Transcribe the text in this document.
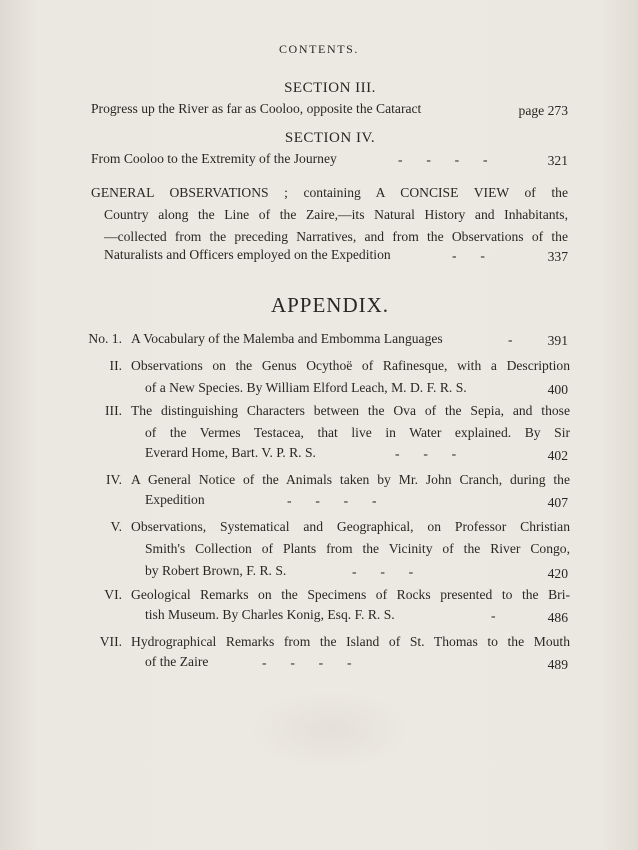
CONTENTS.
SECTION III.
Progress up the River as far as Cooloo, opposite the Cataract	page 273
SECTION IV.
From Cooloo to the Extremity of the Journey	-       -       -       -	321
GENERAL OBSERVATIONS ; containing A CONCISE VIEW of the
Country along the Line of the Zaire,—its Natural History and Inhabitants,
—collected from the preceding Narratives, and from the Observations of the
Naturalists and Officers employed on the Expedition	-       -	337
APPENDIX.
No. 1. A Vocabulary of the Malemba and Embomma Languages	-	391
II. Observations on the Genus Ocythoë of Rafinesque, with a Description
of a New Species. By William Elford Leach, M. D. F. R. S.	400
III. The distinguishing Characters between the Ova of the Sepia, and those
of the Vermes Testacea, that live in Water explained. By Sir
Everard Home, Bart. V. P. R. S.	-       -       -	402
IV. A General Notice of the Animals taken by Mr. John Cranch, during the
Expedition	-       -       -       -	407
V. Observations, Systematical and Geographical, on Professor Christian
Smith's Collection of Plants from the Vicinity of the River Congo,
by Robert Brown, F. R. S.	-       -       -	420
VI. Geological Remarks on the Specimens of Rocks presented to the Bri-
tish Museum. By Charles Konig, Esq. F. R. S.	-	486
VII. Hydrographical Remarks from the Island of St. Thomas to the Mouth
of the Zaire	-       -       -       -	489
